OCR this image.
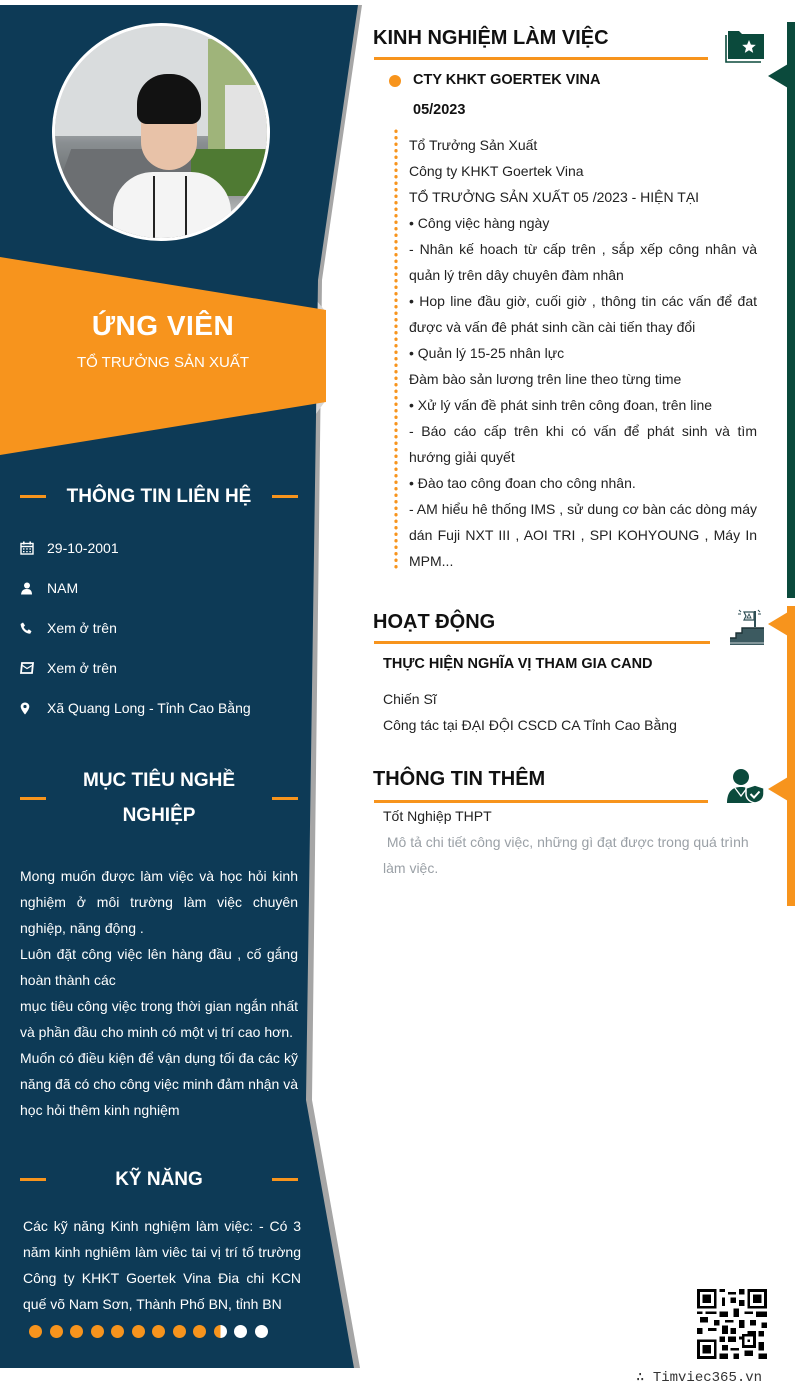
ỨNG VIÊN
TỔ TRƯỞNG SẢN XUẤT
THÔNG TIN LIÊN HỆ
29-10-2001
NAM
Xem ở trên
Xem ở trên
Xã Quang Long - Tỉnh Cao Bằng
MỤC TIÊU NGHỀ
NGHIỆP
Mong muốn được làm việc và học hỏi kinh nghiệm ở môi trường làm việc chuyên nghiệp, năng động .
Luôn đặt công việc lên hàng đầu , cố gắng hoàn thành các
mục tiêu công việc trong thời gian ngắn nhất và phần đầu cho minh có một vị trí cao hơn.
Muốn có điều kiện để vận dụng tối đa các kỹ năng đã có cho công việc minh đảm nhận và học hỏi thêm kinh nghiệm
KỸ NĂNG
Các kỹ năng Kinh nghiệm làm việc: - Có 3 năm kinh nghiêm làm viêc tai vị trí tố trường Công ty KHKT Goertek Vina Đia chi KCN quế võ Nam Sơn, Thành Phố BN, tỉnh BN
KINH NGHIỆM LÀM VIỆC
CTY KHKT GOERTEK VINA
05/2023
Tổ Trưởng Sản Xuất
Công ty KHKT Goertek Vina
TỔ TRƯỞNG SẢN XUẤT 05 /2023 - HIỆN TẠI
• Công việc hàng ngày
- Nhân kế hoach từ cấp trên , sắp xếp công nhân và quản lý trên dây chuyên đàm nhân
• Hop line đầu giờ, cuối giờ , thông tin các vấn để đat được và vấn đê phát sinh cần cài tiến thay đổi
• Quản lý 15-25 nhân lực
Đàm bào sản lương trên line theo từng time
• Xử lý vấn đề phát sinh trên công đoan, trên line
- Báo cáo cấp trên khi có vấn để phát sinh và tìm hướng giải quyết
• Đào tao công đoan cho công nhân.
- AM hiểu hê thống IMS , sử dung cơ bàn các dòng máy dán Fuji NXT III , AOI TRI , SPI KOHYOUNG , Máy In MPM...
HOẠT ĐỘNG
THỰC HIỆN NGHĨA VỊ THAM GIA CAND
Chiến Sĩ
Công tác tại ĐẠI ĐỘI CSCD CA Tỉnh Cao Bằng
THÔNG TIN THÊM
Tốt Nghiệp THPT
Mô tả chi tiết công việc, những gì đạt được trong quá trình làm việc.
∴ Timviec365.vn
